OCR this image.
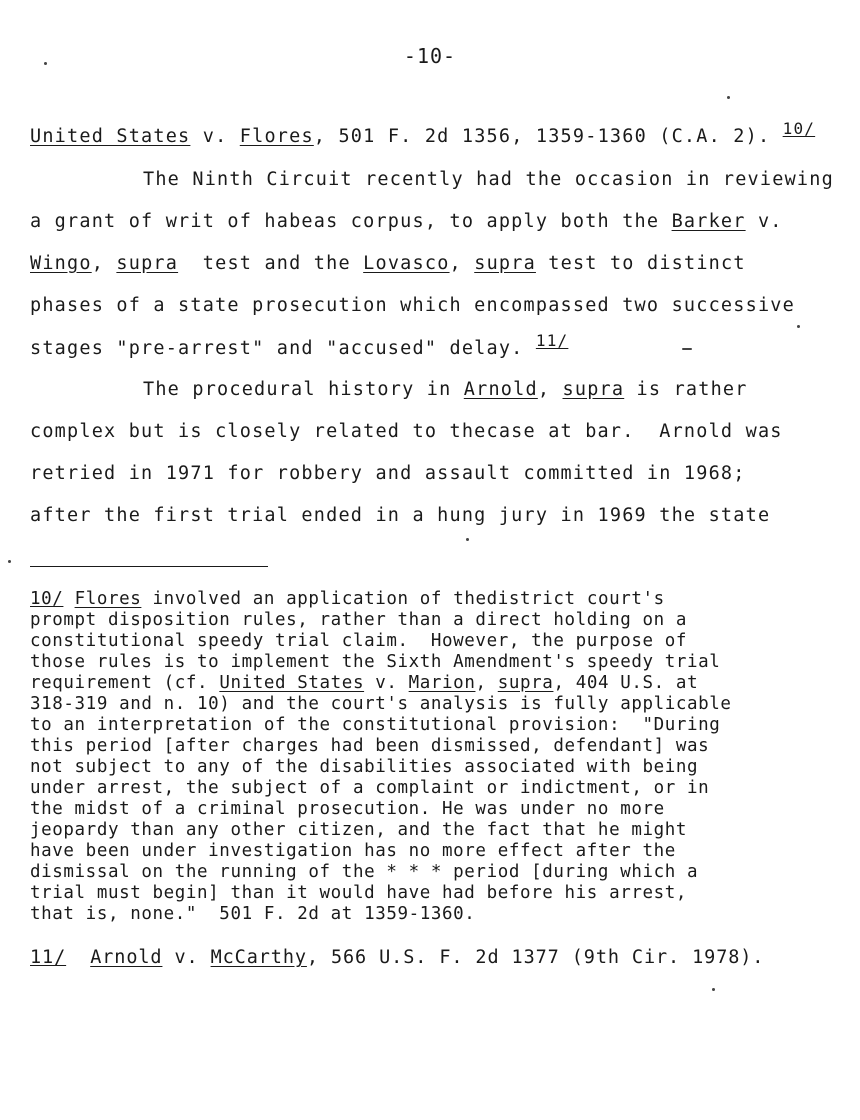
-10-
United States v. Flores, 501 F. 2d 1356, 1359-1360 (C.A. 2). 10/
The Ninth Circuit recently had the occasion in reviewing
a grant of writ of habeas corpus, to apply both the Barker v.
Wingo, supra  test and the Lovasco, supra test to distinct
phases of a state prosecution which encompassed two successive
stages "pre-arrest" and "accused" delay. 11/
The procedural history in Arnold, supra is rather
complex but is closely related to thecase at bar.  Arnold was
retried in 1971 for robbery and assault committed in 1968;
after the first trial ended in a hung jury in 1969 the state
10/ Flores involved an application of thedistrict court's
prompt disposition rules, rather than a direct holding on a
constitutional speedy trial claim.  However, the purpose of
those rules is to implement the Sixth Amendment's speedy trial
requirement (cf. United States v. Marion, supra, 404 U.S. at
318-319 and n. 10) and the court's analysis is fully applicable
to an interpretation of the constitutional provision:  "During
this period [after charges had been dismissed, defendant] was
not subject to any of the disabilities associated with being
under arrest, the subject of a complaint or indictment, or in
the midst of a criminal prosecution. He was under no more
jeopardy than any other citizen, and the fact that he might
have been under investigation has no more effect after the
dismissal on the running of the * * * period [during which a
trial must begin] than it would have had before his arrest,
that is, none."  501 F. 2d at 1359-1360.
11/ Arnold v. McCarthy, 566 U.S. F. 2d 1377 (9th Cir. 1978).
